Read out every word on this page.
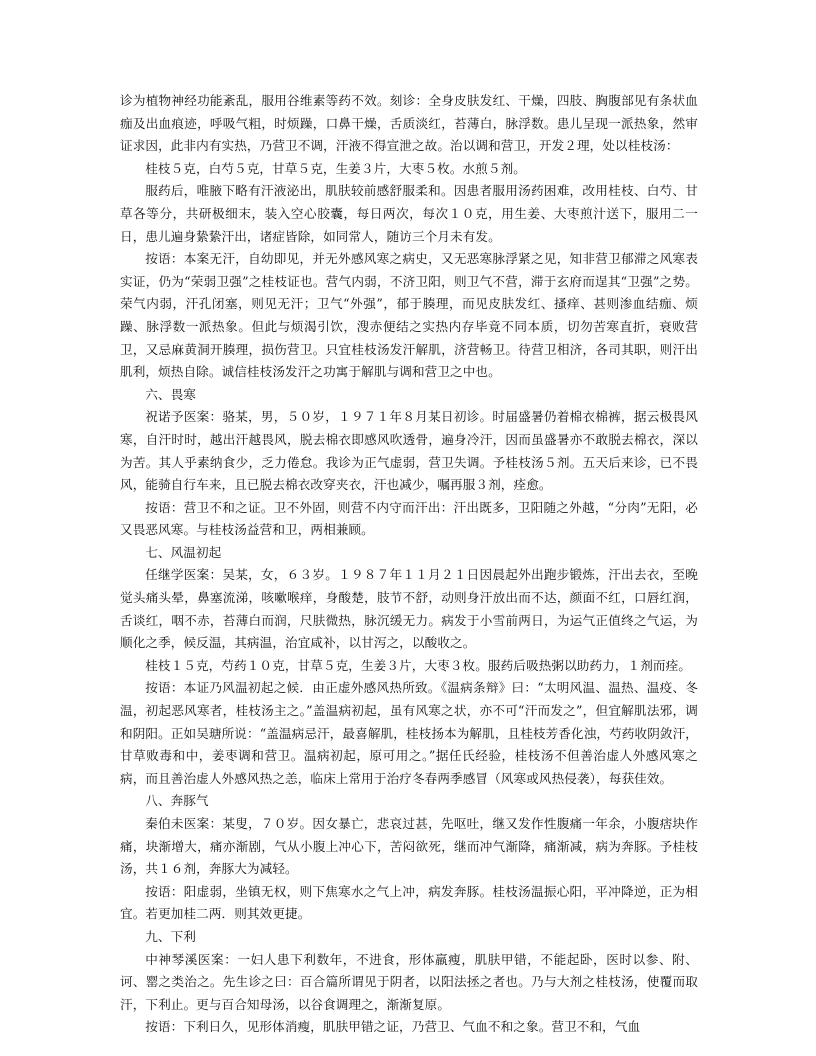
诊为植物神经功能紊乱，服用谷维素等药不效。刻诊：全身皮肤发红、干燥，四肢、胸腹部见有条状血痂及出血痕迹，呼吸气粗，时烦躁，口鼻干燥，舌质淡红，苔薄白，脉浮数。患儿呈现一派热象，然审证求因，此非内有实热，乃营卫不调，汗液不得宣泄之故。治以调和营卫，开发２理，处以桂枝汤：

桂枝５克，白芍５克，甘草５克，生姜３片，大枣５枚。水煎５剂。

服药后，唯腋下略有汗液泌出，肌肤较前感舒服柔和。因患者服用汤药困难，改用桂枝、白芍、甘草各等分，共研极细末，装入空心胶囊，每日两次，每次１０克，用生姜、大枣煎汁送下，服用二一日，患儿遍身絷絷汗出，诸症皆除，如同常人，随访三个月未有发。

按语：本案无汗，自幼即见，并无外感风寒之病史，又无恶寒脉浮紧之见，知非营卫郁滞之风寒表实证，仍为“荣弱卫强”之桂枝证也。营气内弱，不济卫阳，则卫气不营，滞于玄府而逞其“卫强”之势。荣气内弱，汗孔闭塞，则见无汗；卫气“外强”，郁于腠理，而见皮肤发红、搔痒、甚则渗血结痂、烦躁、脉浮数一派热象。但此与烦渴引饮，溲赤便结之实热内存毕竟不同本质，切勿苦寒直折，衰败营卫，又忌麻黄洞开腠理，损伤营卫。只宜桂枝汤发汗解肌，济营畅卫。待营卫相济，各司其职，则汗出肌利，烦热自除。诚信桂枝汤发汗之功寓于解肌与调和营卫之中也。

六、畏寒

祝诺予医案：骆某，男，５０岁，１９７１年８月某日初诊。时届盛暑仍着棉衣棉裤，据云极畏风寒，自汗时时，越出汗越畏风，脱去棉衣即感风吹透骨，遍身冷汗，因而虽盛暑亦不敢脱去棉衣，深以为苦。其人乎素纳食少，乏力倦怠。我诊为正气虚弱，营卫失调。予桂枝汤５剂。五天后来诊，已不畏风，能骑自行车来，且已脱去棉衣改穿夹衣，汗也减少，嘱再服３剂，痊愈。

按语：营卫不和之证。卫不外固，则营不内守而汗出：汗出既多，卫阳随之外越，“分肉”无阳，必又畏恶风寒。与桂枝汤益营和卫，两相兼顾。

七、风温初起

任继学医案：吴某，女，６３岁。１９８７年１１月２１日因晨起外出跑步锻炼，汗出去衣，至晚觉头痛头晕，鼻塞流涕，咳嗽喉痒，身酸楚，肢节不舒，动则身汗放出而不达，颜面不红，口唇红润，舌谈红，咽不赤，苔薄白而润，尺肤微热，脉沉缓无力。病发于小雪前两日，为运气正值终之气运，为顺化之季，候反温，其病温，治宜咸补，以甘泻之，以酸收之。

桂枝１５克，芍药１０克，甘草５克，生姜３片，大枣３枚。服药后吸热粥以助药力，１剂而痊。

按语：本证乃风温初起之候．由正虚外感风热所致。《温病条辩》曰：“太明风温、温热、温疫、冬温，初起恶风寒者，桂枝汤主之。”盖温病初起，虽有风寒之状，亦不可“汗而发之”，但宜解肌法邪，调和阴阳。正如吴瑭所说：“盖温病忌汗，最喜解肌，桂枝扬本为解肌，且桂枝芳香化浊，芍药收阴敛汗，甘草败毒和中，姜枣调和营卫。温病初起，原可用之。”据任氏经验，桂枝汤不但善治虚人外感风寒之病，而且善治虚人外感风热之恙，临床上常用于治疗冬春两季感冒（风寒或风热侵袭），每获佳效。

八、奔豚气

秦伯未医案：某叟，７０岁。因女暴亡，悲哀过甚，先呕吐，继又发作性腹痛一年余，小腹痞块作痛，块渐增大，痛亦渐剧，气从小腹上冲心下，苦闷欲死，继而冲气渐降，痛渐减，病为奔豚。予桂枝汤，共１６剂，奔豚大为减轻。

按语：阳虚弱，坐镇无权，则下焦寒水之气上冲，病发奔豚。桂枝汤温振心阳，平冲降逆，正为相宜。若更加桂二两．则其效更捷。

九、下利

中神琴溪医案：一妇人患下利数年，不进食，形体羸瘦，肌肤甲错，不能起卧，医时以参、附、诃、罂之类治之。先生诊之曰：百合篇所谓见于阴者，以阳法拯之者也。乃与大剂之桂枝汤，使覆而取汗，下利止。更与百合知母汤，以谷食调理之，渐渐复原。

按语：下利日久，见形体消瘦，肌肤甲错之证，乃营卫、气血不和之象。营卫不和，气血
